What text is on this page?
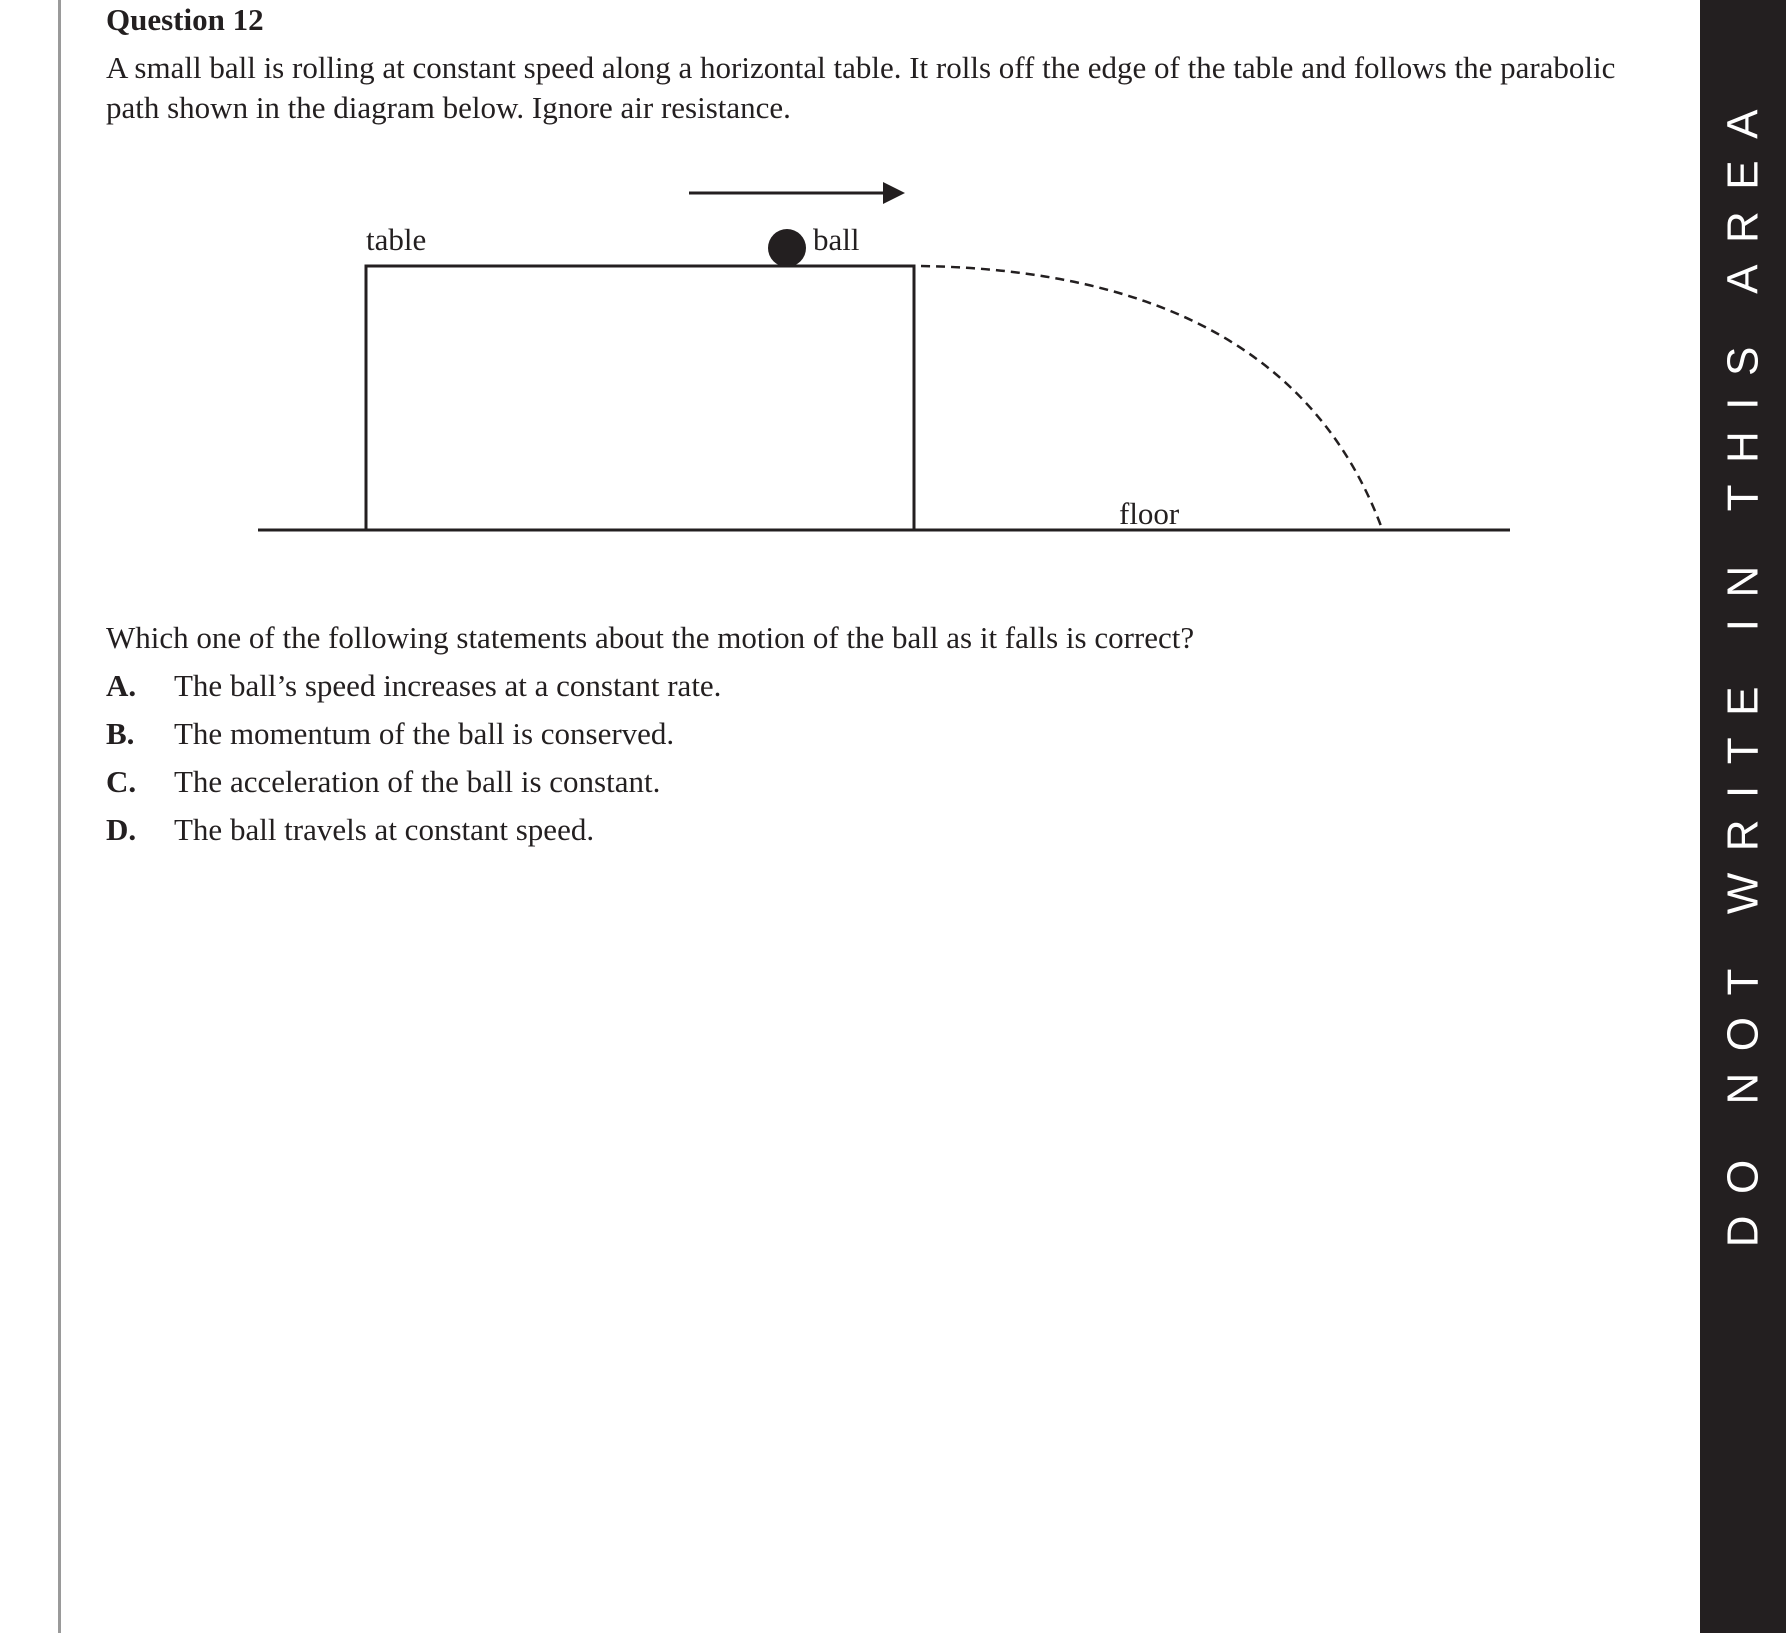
Question 12

A small ball is rolling at constant speed along a horizontal table. It rolls off the edge of the table and follows the parabolic path shown in the diagram below. Ignore air resistance.

table	ball
floor

Which one of the following statements about the motion of the ball as it falls is correct?

A. The ball’s speed increases at a constant rate.
B. The momentum of the ball is conserved.
C. The acceleration of the ball is constant.
D. The ball travels at constant speed.	DO NOT WRITE IN THIS AREA
